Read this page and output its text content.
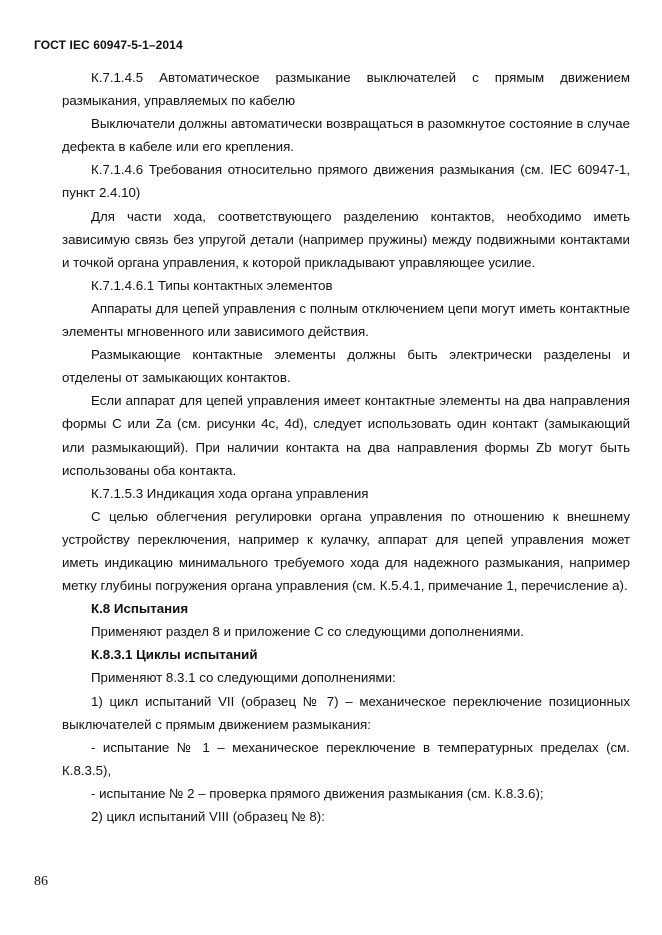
ГОСТ IEC 60947-5-1–2014

К.7.1.4.5 Автоматическое размыкание выключателей с прямым движением размыкания, управляемых по кабелю

Выключатели должны автоматически возвращаться в разомкнутое состояние в случае дефекта в кабеле или его крепления.

К.7.1.4.6 Требования относительно прямого движения размыкания (см. IEC 60947-1, пункт 2.4.10)

Для части хода, соответствующего разделению контактов, необходимо иметь зависимую связь без упругой детали (например пружины) между подвижными контактами и точкой органа управления, к которой прикладывают управляющее усилие.

К.7.1.4.6.1 Типы контактных элементов

Аппараты для цепей управления с полным отключением цепи могут иметь контактные элементы мгновенного или зависимого действия.

Размыкающие контактные элементы должны быть электрически разделены и отделены от замыкающих контактов.

Если аппарат для цепей управления имеет контактные элементы на два направления формы С или Za (см. рисунки 4c, 4d), следует использовать один контакт (замыкающий или размыкающий). При наличии контакта на два направления формы Zb могут быть использованы оба контакта.

К.7.1.5.3 Индикация хода органа управления

С целью облегчения регулировки органа управления по отношению к внешнему устройству переключения, например к кулачку, аппарат для цепей управления может иметь индикацию минимального требуемого хода для надежного размыкания, например метку глубины погружения органа управления (см. К.5.4.1, примечание 1, перечисление а).

К.8 Испытания

Применяют раздел 8 и приложение С со следующими дополнениями.

К.8.3.1 Циклы испытаний

Применяют 8.3.1 со следующими дополнениями:

1) цикл испытаний VII (образец № 7) – механическое переключение позиционных выключателей с прямым движением размыкания:

- испытание № 1 – механическое переключение в температурных пределах (см. К.8.3.5),

- испытание № 2 – проверка прямого движения размыкания (см. К.8.3.6);

2) цикл испытаний VIII (образец № 8):

86
